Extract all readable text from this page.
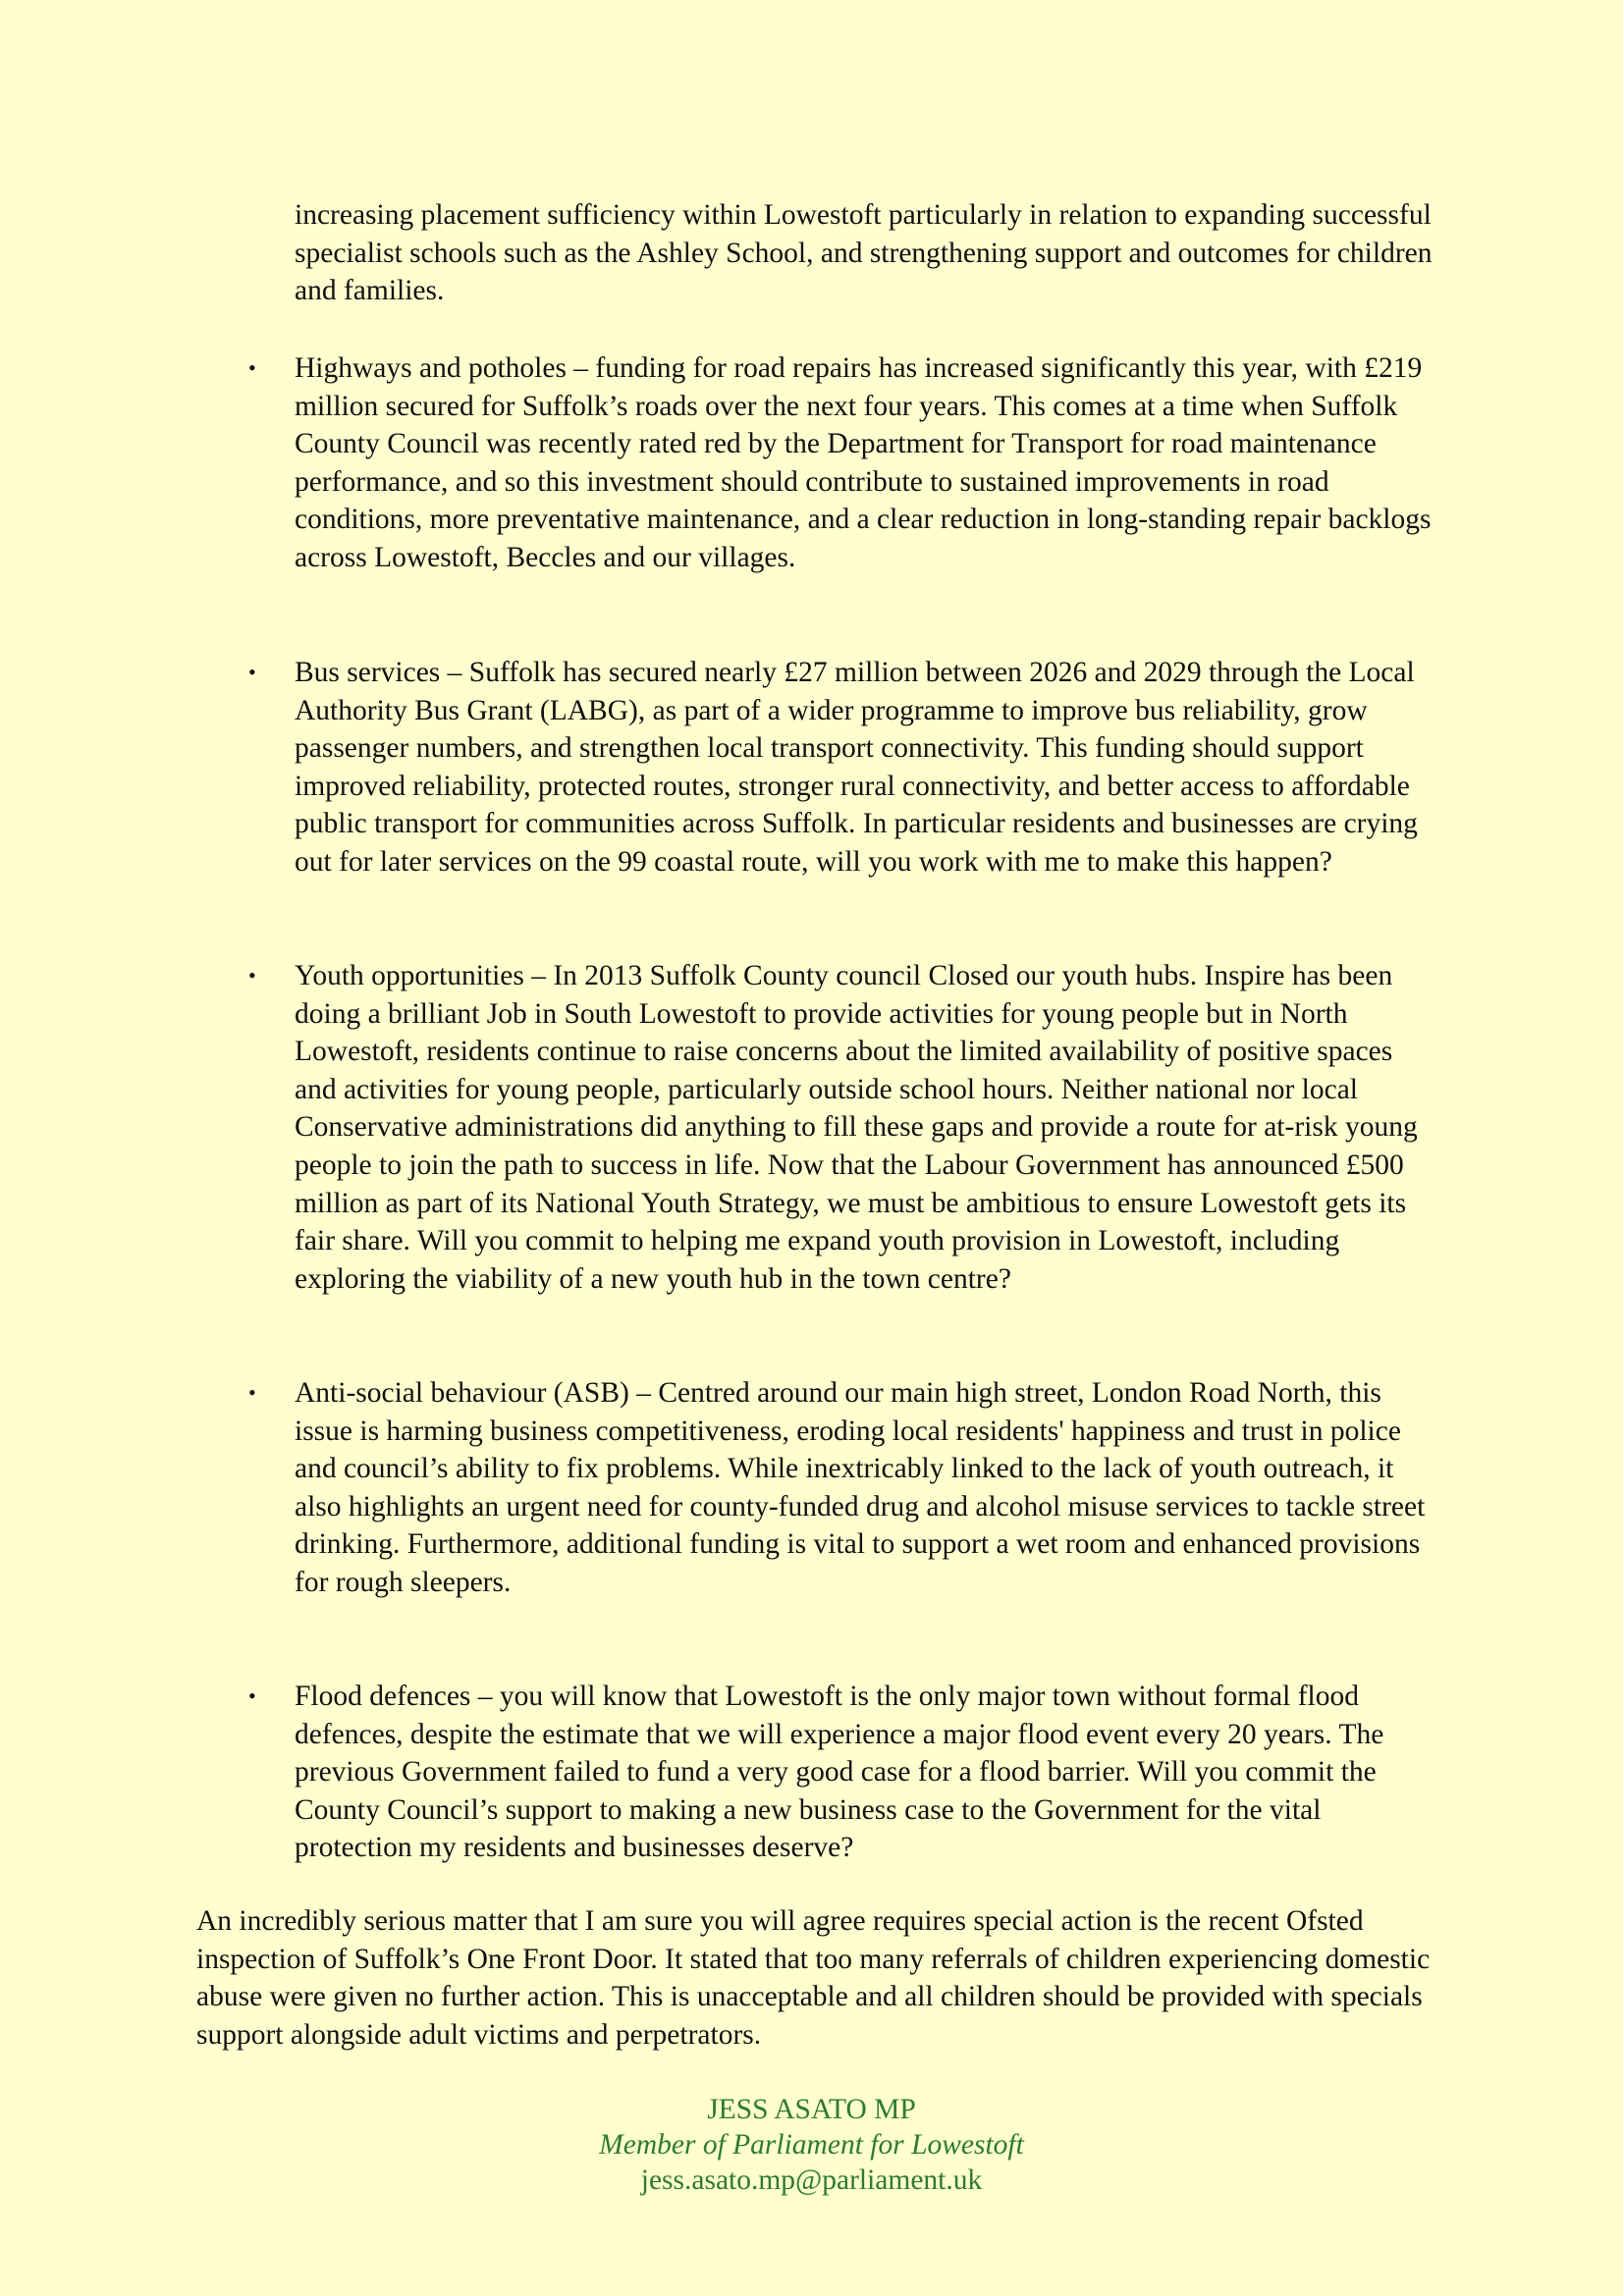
increasing placement sufficiency within Lowestoft particularly in relation to expanding successful specialist schools such as the Ashley School, and strengthening support and outcomes for children and families.

• Highways and potholes – funding for road repairs has increased significantly this year, with £219 million secured for Suffolk’s roads over the next four years. This comes at a time when Suffolk County Council was recently rated red by the Department for Transport for road maintenance performance, and so this investment should contribute to sustained improvements in road conditions, more preventative maintenance, and a clear reduction in long-standing repair backlogs across Lowestoft, Beccles and our villages.

• Bus services – Suffolk has secured nearly £27 million between 2026 and 2029 through the Local Authority Bus Grant (LABG), as part of a wider programme to improve bus reliability, grow passenger numbers, and strengthen local transport connectivity. This funding should support improved reliability, protected routes, stronger rural connectivity, and better access to affordable public transport for communities across Suffolk. In particular residents and businesses are crying out for later services on the 99 coastal route, will you work with me to make this happen?

• Youth opportunities – In 2013 Suffolk County council Closed our youth hubs. Inspire has been doing a brilliant Job in South Lowestoft to provide activities for young people but in North Lowestoft, residents continue to raise concerns about the limited availability of positive spaces and activities for young people, particularly outside school hours. Neither national nor local Conservative administrations did anything to fill these gaps and provide a route for at-risk young people to join the path to success in life. Now that the Labour Government has announced £500 million as part of its National Youth Strategy, we must be ambitious to ensure Lowestoft gets its fair share. Will you commit to helping me expand youth provision in Lowestoft, including exploring the viability of a new youth hub in the town centre?

• Anti-social behaviour (ASB) – Centred around our main high street, London Road North, this issue is harming business competitiveness, eroding local residents' happiness and trust in police and council’s ability to fix problems. While inextricably linked to the lack of youth outreach, it also highlights an urgent need for county-funded drug and alcohol misuse services to tackle street drinking. Furthermore, additional funding is vital to support a wet room and enhanced provisions for rough sleepers.

• Flood defences – you will know that Lowestoft is the only major town without formal flood defences, despite the estimate that we will experience a major flood event every 20 years. The previous Government failed to fund a very good case for a flood barrier. Will you commit the County Council’s support to making a new business case to the Government for the vital protection my residents and businesses deserve?

An incredibly serious matter that I am sure you will agree requires special action is the recent Ofsted inspection of Suffolk’s One Front Door. It stated that too many referrals of children experiencing domestic abuse were given no further action. This is unacceptable and all children should be provided with specials support alongside adult victims and perpetrators.

JESS ASATO MP
Member of Parliament for Lowestoft
jess.asato.mp@parliament.uk
